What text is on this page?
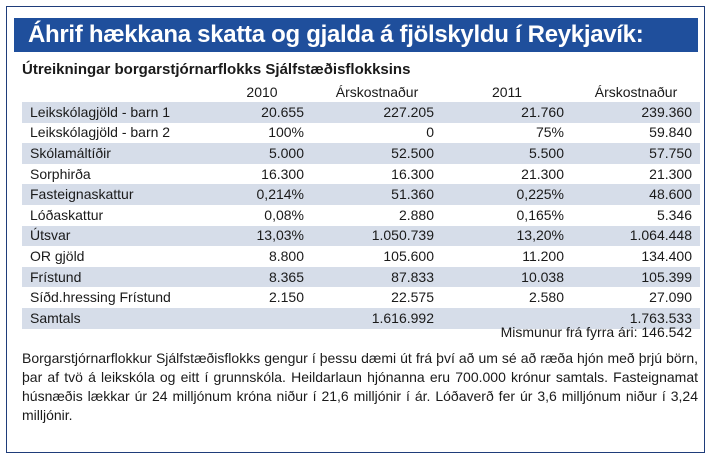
Áhrif hækkana skatta og gjalda á fjölskyldu í Reykjavík:
Útreikningar borgarstjórnarflokks Sjálfstæðisflokksins
	2010	Árskostnaður	2011	Árskostnaður
Leikskólagjöld - barn 1	20.655	227.205	21.760	239.360
Leikskólagjöld - barn 2	100%	0	75%	59.840
Skólamáltíðir	5.000	52.500	5.500	57.750
Sorphirða	16.300	16.300	21.300	21.300
Fasteignaskattur	0,214%	51.360	0,225%	48.600
Lóðaskattur	0,08%	2.880	0,165%	5.346
Útsvar	13,03%	1.050.739	13,20%	1.064.448
OR gjöld	8.800	105.600	11.200	134.400
Frístund	8.365	87.833	10.038	105.399
Síðd.hressing Frístund	2.150	22.575	2.580	27.090
Samtals		1.616.992		1.763.533
Mismunur frá fyrra ári: 146.542
Borgarstjórnarflokkur Sjálfstæðisflokks gengur í þessu dæmi út frá því að um sé að ræða hjón með þrjú börn, þar af tvö á leikskóla og eitt í grunnskóla. Heildarlaun hjónanna eru 700.000 krónur samtals. Fasteignamat húsnæðis lækkar úr 24 milljónum króna niður í 21,6 milljónir í ár. Lóðaverð fer úr 3,6 milljónum niður í 3,24 milljónir.
